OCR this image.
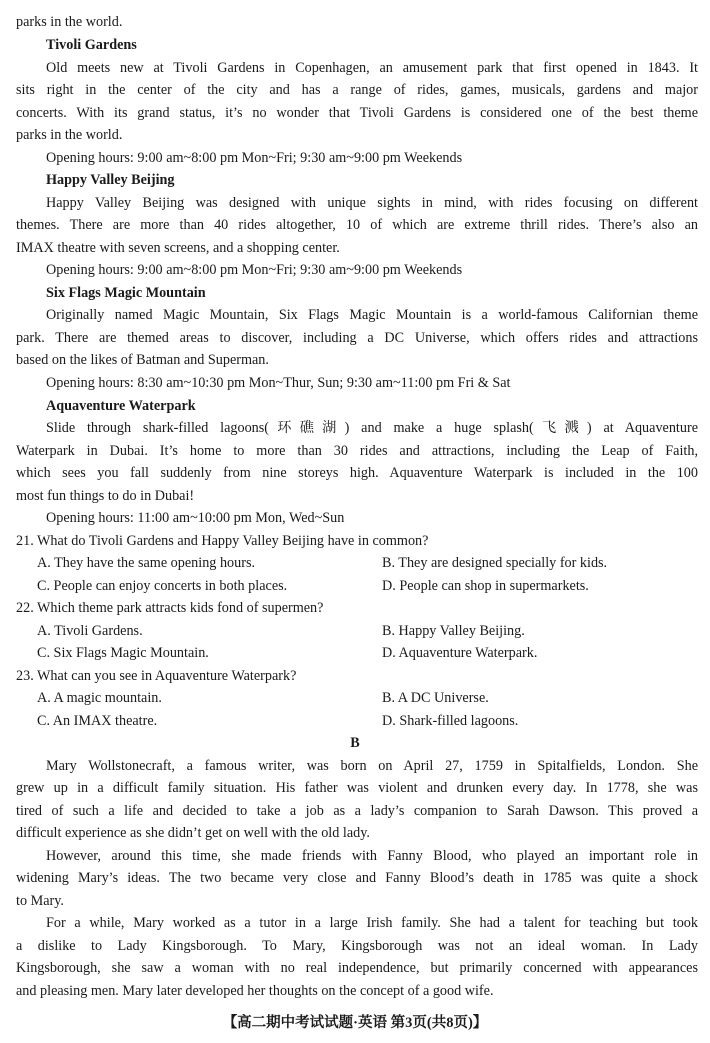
parks in the world.
Tivoli Gardens
Old meets new at Tivoli Gardens in Copenhagen, an amusement park that first opened in 1843. It
sits right in the center of the city and has a range of rides, games, musicals, gardens and major
concerts. With its grand status, it’s no wonder that Tivoli Gardens is considered one of the best theme
parks in the world.
Opening hours: 9:00 am~8:00 pm Mon~Fri; 9:30 am~9:00 pm Weekends
Happy Valley Beijing
Happy Valley Beijing was designed with unique sights in mind, with rides focusing on different
themes. There are more than 40 rides altogether, 10 of which are extreme thrill rides. There’s also an
IMAX theatre with seven screens, and a shopping center.
Opening hours: 9:00 am~8:00 pm Mon~Fri; 9:30 am~9:00 pm Weekends
Six Flags Magic Mountain
Originally named Magic Mountain, Six Flags Magic Mountain is a world-famous Californian theme
park. There are themed areas to discover, including a DC Universe, which offers rides and attractions
based on the likes of Batman and Superman.
Opening hours: 8:30 am~10:30 pm Mon~Thur, Sun; 9:30 am~11:00 pm Fri & Sat
Aquaventure Waterpark
Slide through shark-filled lagoons(环礁湖) and make a huge splash(飞溅) at Aquaventure
Waterpark in Dubai. It’s home to more than 30 rides and attractions, including the Leap of Faith,
which sees you fall suddenly from nine storeys high. Aquaventure Waterpark is included in the 100
most fun things to do in Dubai!
Opening hours: 11:00 am~10:00 pm Mon, Wed~Sun
21. What do Tivoli Gardens and Happy Valley Beijing have in common?
A. They have the same opening hours.	B. They are designed specially for kids.
C. People can enjoy concerts in both places.	D. People can shop in supermarkets.
22. Which theme park attracts kids fond of supermen?
A. Tivoli Gardens.	B. Happy Valley Beijing.
C. Six Flags Magic Mountain.	D. Aquaventure Waterpark.
23. What can you see in Aquaventure Waterpark?
A. A magic mountain.	B. A DC Universe.
C. An IMAX theatre.	D. Shark-filled lagoons.
B
Mary Wollstonecraft, a famous writer, was born on April 27, 1759 in Spitalfields, London. She
grew up in a difficult family situation. His father was violent and drunken every day. In 1778, she was
tired of such a life and decided to take a job as a lady’s companion to Sarah Dawson. This proved a
difficult experience as she didn’t get on well with the old lady.
However, around this time, she made friends with Fanny Blood, who played an important role in
widening Mary’s ideas. The two became very close and Fanny Blood’s death in 1785 was quite a shock
to Mary.
For a while, Mary worked as a tutor in a large Irish family. She had a talent for teaching but took
a dislike to Lady Kingsborough. To Mary, Kingsborough was not an ideal woman. In Lady
Kingsborough, she saw a woman with no real independence, but primarily concerned with appearances
and pleasing men. Mary later developed her thoughts on the concept of a good wife.
【高二期中考试试题·英语 第3页(共8页)】
